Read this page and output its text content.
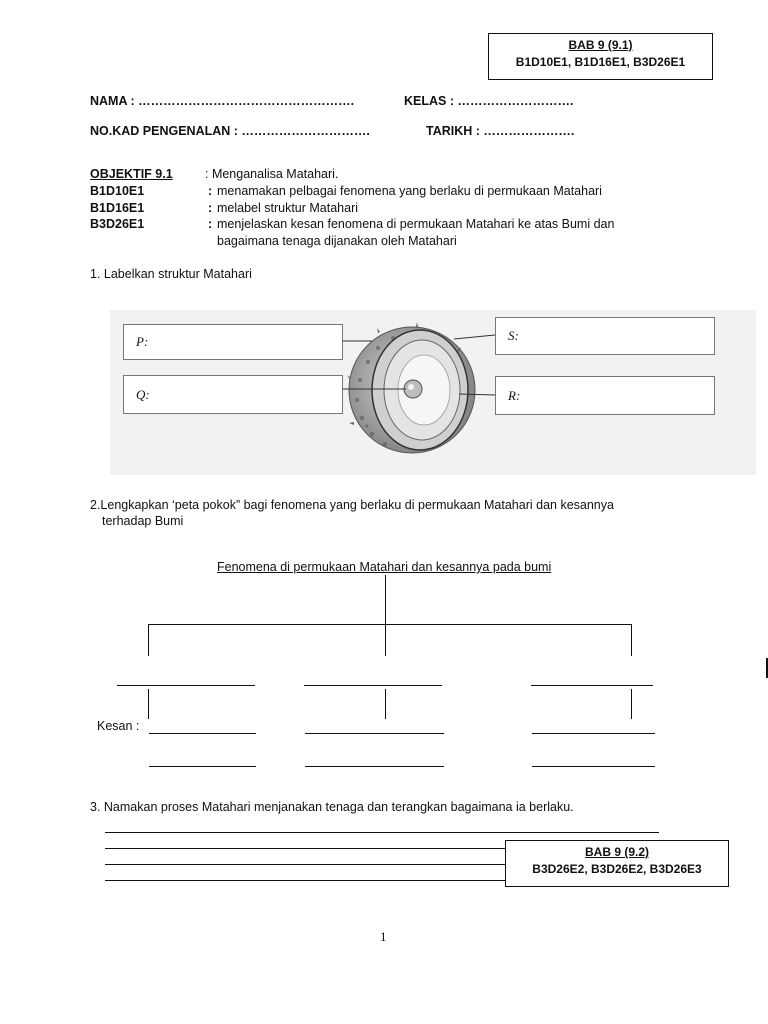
BAB 9 (9.1)
B1D10E1, B1D16E1, B3D26E1
NAMA : …………………………………………….	KELAS : ……………………….
NO.KAD PENGENALAN : ………………………….	TARIKH : ………………….
OBJEKTIF 9.1	: Menganalisa Matahari.
B1D10E1	: menamakan pelbagai fenomena yang berlaku di permukaan Matahari
B1D16E1	: melabel struktur Matahari
B3D26E1	: menjelaskan kesan fenomena di permukaan Matahari ke atas Bumi dan
bagaimana tenaga dijanakan oleh Matahari
1. Labelkan struktur Matahari
P:
Q:
S:
R:
2.Lengkapkan ‘peta pokok” bagi fenomena yang berlaku di permukaan Matahari dan kesannya
terhadap Bumi
Fenomena di permukaan Matahari dan kesannya pada bumi
Kesan :
3. Namakan proses Matahari menjanakan tenaga dan terangkan bagaimana ia berlaku.
BAB 9 (9.2)
B3D26E2, B3D26E2, B3D26E3
1
